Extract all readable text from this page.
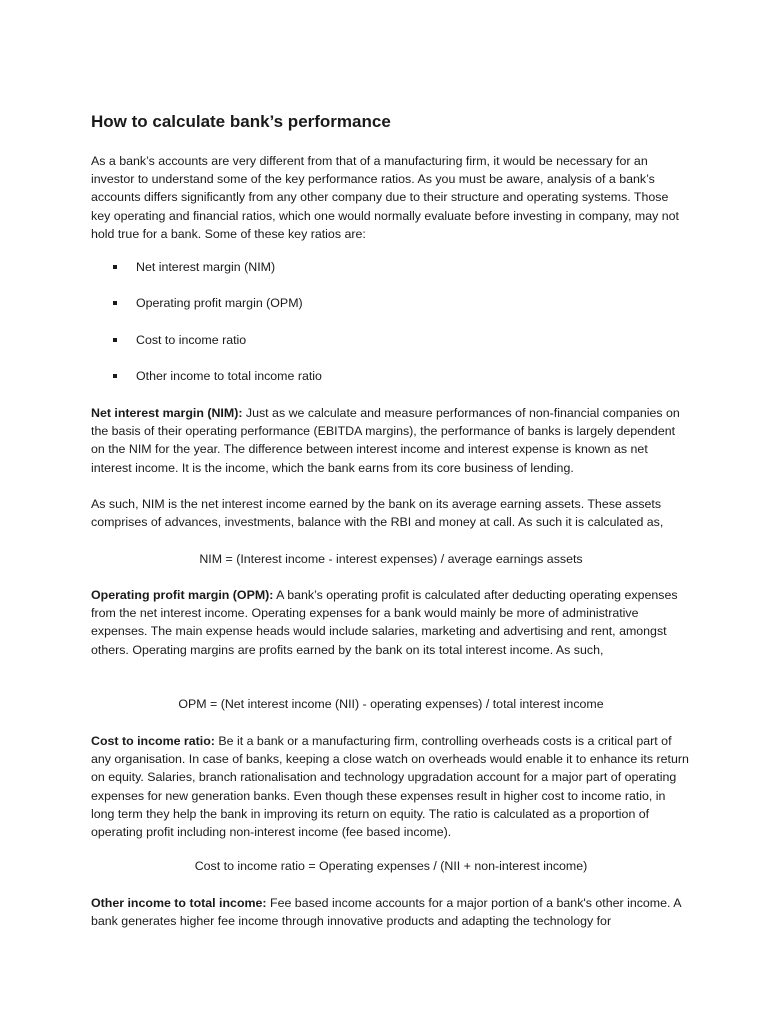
How to calculate bank’s performance

As a bank’s accounts are very different from that of a manufacturing firm, it would be necessary for an investor to understand some of the key performance ratios. As you must be aware, analysis of a bank’s accounts differs significantly from any other company due to their structure and operating systems. Those key operating and financial ratios, which one would normally evaluate before investing in company, may not hold true for a bank. Some of these key ratios are:

Net interest margin (NIM)
Operating profit margin (OPM)
Cost to income ratio
Other income to total income ratio

Net interest margin (NIM): Just as we calculate and measure performances of non-financial companies on the basis of their operating performance (EBITDA margins), the performance of banks is largely dependent on the NIM for the year. The difference between interest income and interest expense is known as net interest income. It is the income, which the bank earns from its core business of lending.

As such, NIM is the net interest income earned by the bank on its average earning assets. These assets comprises of advances, investments, balance with the RBI and money at call. As such it is calculated as,

NIM = (Interest income - interest expenses) / average earnings assets

Operating profit margin (OPM): A bank’s operating profit is calculated after deducting operating expenses from the net interest income. Operating expenses for a bank would mainly be more of administrative expenses. The main expense heads would include salaries, marketing and advertising and rent, amongst others. Operating margins are profits earned by the bank on its total interest income. As such,

OPM = (Net interest income (NII) - operating expenses) / total interest income

Cost to income ratio: Be it a bank or a manufacturing firm, controlling overheads costs is a critical part of any organisation. In case of banks, keeping a close watch on overheads would enable it to enhance its return on equity. Salaries, branch rationalisation and technology upgradation account for a major part of operating expenses for new generation banks. Even though these expenses result in higher cost to income ratio, in long term they help the bank in improving its return on equity. The ratio is calculated as a proportion of operating profit including non-interest income (fee based income).

Cost to income ratio = Operating expenses / (NII + non-interest income)

Other income to total income: Fee based income accounts for a major portion of a bank's other income. A bank generates higher fee income through innovative products and adapting the technology for
